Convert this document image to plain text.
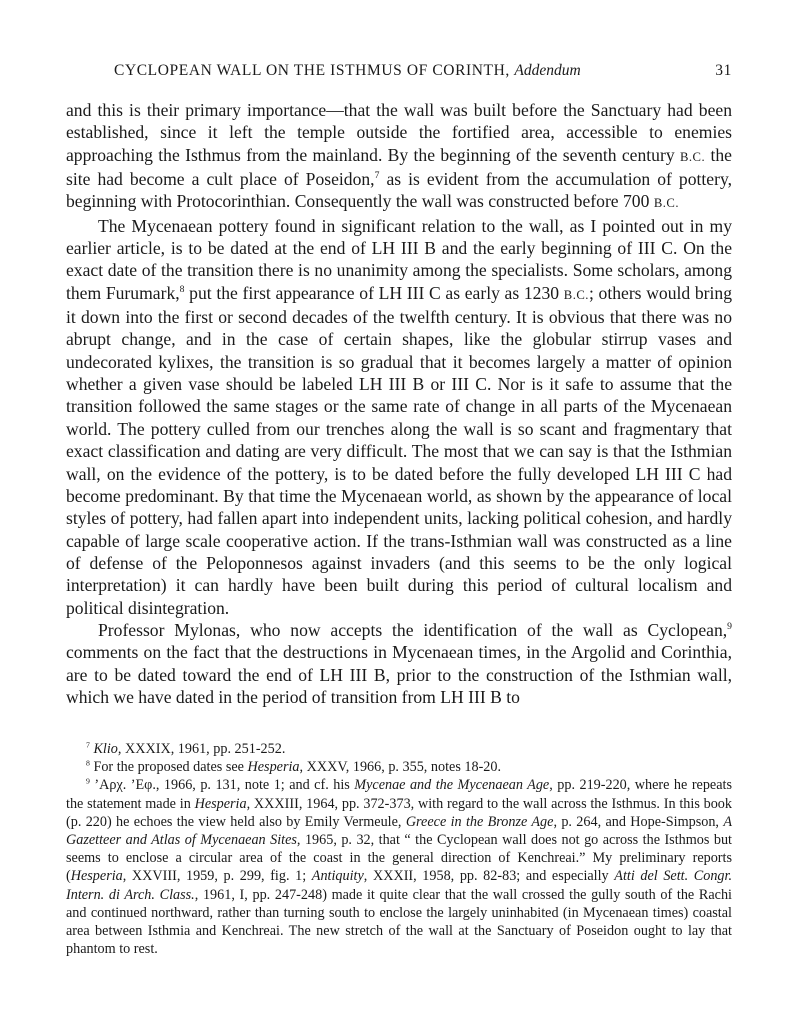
CYCLOPEAN WALL ON THE ISTHMUS OF CORINTH, Addendum	31

and this is their primary importance—that the wall was built before the Sanctuary had been established, since it left the temple outside the fortified area, accessible to enemies approaching the Isthmus from the mainland. By the beginning of the seventh century B.C. the site had become a cult place of Poseidon,$^7$ as is evident from the accumulation of pottery, beginning with Protocorinthian. Consequently the wall was constructed before 700 B.C.

The Mycenaean pottery found in significant relation to the wall, as I pointed out in my earlier article, is to be dated at the end of LH III B and the early beginning of III C. On the exact date of the transition there is no unanimity among the specialists. Some scholars, among them Furumark,$^8$ put the first appearance of LH III C as early as 1230 B.C.; others would bring it down into the first or second decades of the twelfth century. It is obvious that there was no abrupt change, and in the case of certain shapes, like the globular stirrup vases and undecorated kylixes, the transition is so gradual that it becomes largely a matter of opinion whether a given vase should be labeled LH III B or III C. Nor is it safe to assume that the transition followed the same stages or the same rate of change in all parts of the Mycenaean world. The pottery culled from our trenches along the wall is so scant and fragmentary that exact classification and dating are very difficult. The most that we can say is that the Isthmian wall, on the evidence of the pottery, is to be dated before the fully developed LH III C had become predominant. By that time the Mycenaean world, as shown by the appearance of local styles of pottery, had fallen apart into independent units, lacking political cohesion, and hardly capable of large scale cooperative action. If the trans-Isthmian wall was constructed as a line of defense of the Peloponnesos against invaders (and this seems to be the only logical interpretation) it can hardly have been built during this period of cultural localism and political disintegration.

Professor Mylonas, who now accepts the identification of the wall as Cyclopean,$^9$ comments on the fact that the destructions in Mycenaean times, in the Argolid and Corinthia, are to be dated toward the end of LH III B, prior to the construction of the Isthmian wall, which we have dated in the period of transition from LH III B to

$^7$ Klio, XXXIX, 1961, pp. 251-252.

$^8$ For the proposed dates see Hesperia, XXXV, 1966, p. 355, notes 18-20.

$^9$ ’Aρχ. ’Eφ., 1966, p. 131, note 1; and cf. his Mycenae and the Mycenaean Age, pp. 219-220, where he repeats the statement made in Hesperia, XXXIII, 1964, pp. 372-373, with regard to the wall across the Isthmus. In this book (p. 220) he echoes the view held also by Emily Vermeule, Greece in the Bronze Age, p. 264, and Hope-Simpson, A Gazetteer and Atlas of Mycenaean Sites, 1965, p. 32, that “ the Cyclopean wall does not go across the Isthmos but seems to enclose a circular area of the coast in the general direction of Kenchreai.” My preliminary reports (Hesperia, XXVIII, 1959, p. 299, fig. 1; Antiquity, XXXII, 1958, pp. 82-83; and especially Atti del Sett. Congr. Intern. di Arch. Class., 1961, I, pp. 247-248) made it quite clear that the wall crossed the gully south of the Rachi and continued northward, rather than turning south to enclose the largely uninhabited (in Mycenaean times) coastal area between Isthmia and Kenchreai. The new stretch of the wall at the Sanctuary of Poseidon ought to lay that phantom to rest.
